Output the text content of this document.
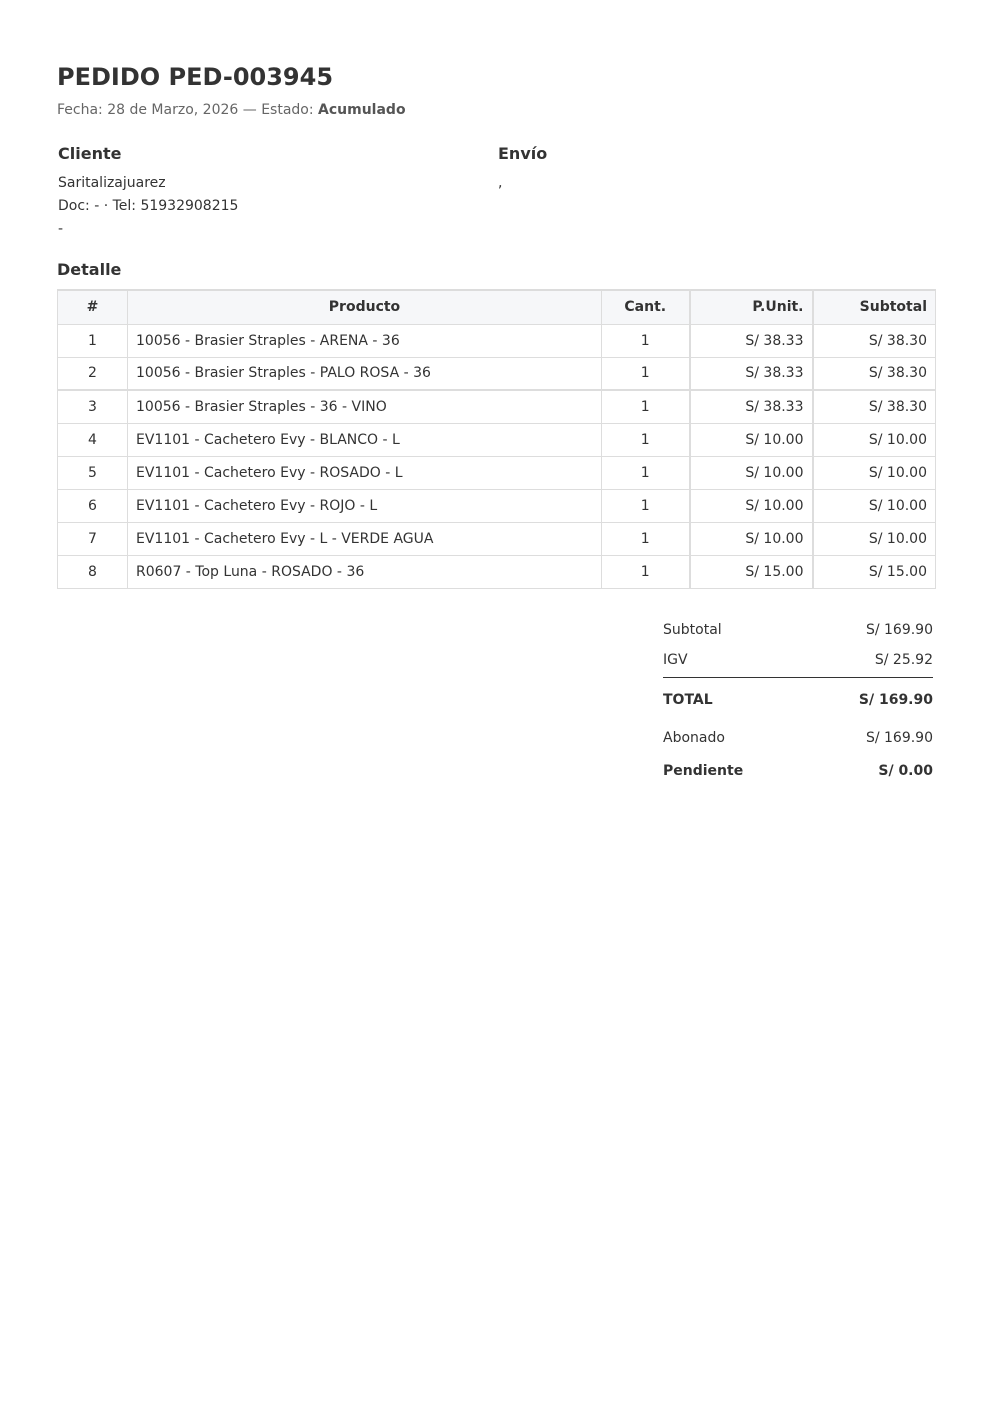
PEDIDO PED-003945
Fecha: 28 de Marzo, 2026 — Estado: Acumulado
Cliente
Saritalizajuarez
Doc: - · Tel: 51932908215
-
Envío
,
Detalle
#	Producto	Cant.	P.Unit.	Subtotal
1	10056 - Brasier Straples - ARENA - 36	1	S/ 38.33	S/ 38.30
2	10056 - Brasier Straples - PALO ROSA - 36	1	S/ 38.33	S/ 38.30
3	10056 - Brasier Straples - 36 - VINO	1	S/ 38.33	S/ 38.30
4	EV1101 - Cachetero Evy - BLANCO - L	1	S/ 10.00	S/ 10.00
5	EV1101 - Cachetero Evy - ROSADO - L	1	S/ 10.00	S/ 10.00
6	EV1101 - Cachetero Evy - ROJO - L	1	S/ 10.00	S/ 10.00
7	EV1101 - Cachetero Evy - L - VERDE AGUA	1	S/ 10.00	S/ 10.00
8	R0607 - Top Luna - ROSADO - 36	1	S/ 15.00	S/ 15.00
Subtotal	S/ 169.90
IGV	S/ 25.92
TOTAL	S/ 169.90
Abonado	S/ 169.90
Pendiente	S/ 0.00
